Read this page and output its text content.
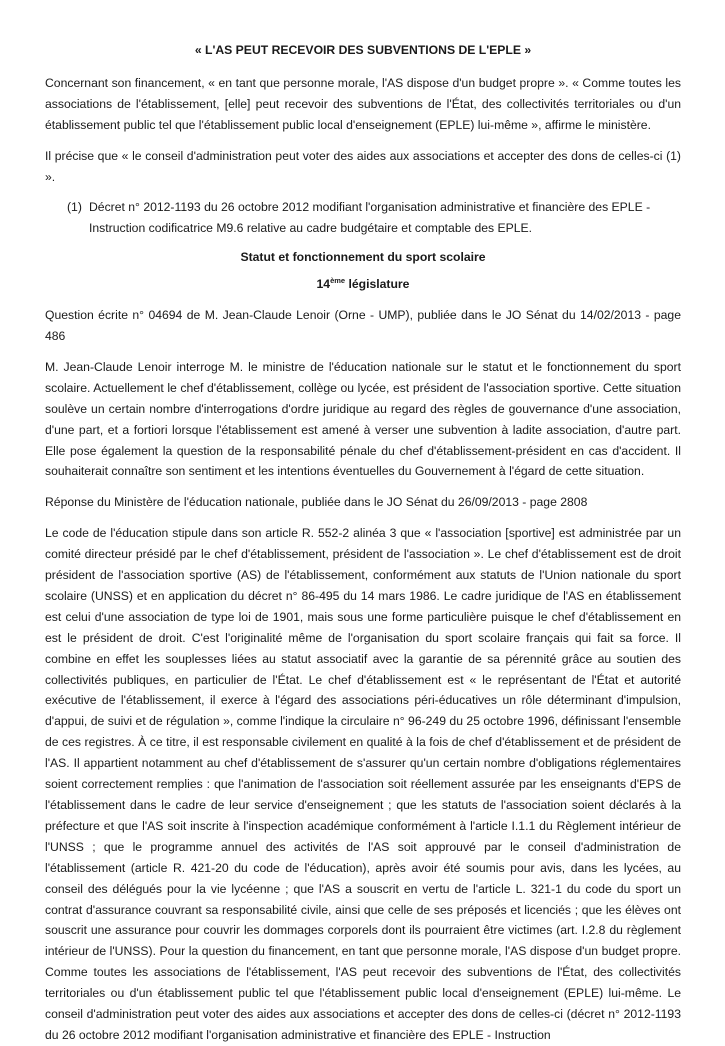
« L'AS PEUT RECEVOIR DES SUBVENTIONS DE L'EPLE »

Concernant son financement, « en tant que personne morale, l'AS dispose d'un budget propre ». « Comme toutes les associations de l'établissement, [elle] peut recevoir des subventions de l'État, des collectivités territoriales ou d'un établissement public tel que l'établissement public local d'enseignement (EPLE) lui-même », affirme le ministère.

Il précise que « le conseil d'administration peut voter des aides aux associations et accepter des dons de celles-ci (1) ».

(1) Décret n° 2012-1193 du 26 octobre 2012 modifiant l'organisation administrative et financière des EPLE - Instruction codificatrice M9.6 relative au cadre budgétaire et comptable des EPLE.

Statut et fonctionnement du sport scolaire

14ème législature

Question écrite n° 04694 de M. Jean-Claude Lenoir (Orne - UMP), publiée dans le JO Sénat du 14/02/2013 - page 486

M. Jean-Claude Lenoir interroge M. le ministre de l'éducation nationale sur le statut et le fonctionnement du sport scolaire. Actuellement le chef d'établissement, collège ou lycée, est président de l'association sportive. Cette situation soulève un certain nombre d'interrogations d'ordre juridique au regard des règles de gouvernance d'une association, d'une part, et a fortiori lorsque l'établissement est amené à verser une subvention à ladite association, d'autre part. Elle pose également la question de la responsabilité pénale du chef d'établissement-président en cas d'accident. Il souhaiterait connaître son sentiment et les intentions éventuelles du Gouvernement à l'égard de cette situation.

Réponse du Ministère de l'éducation nationale, publiée dans le JO Sénat du 26/09/2013 - page 2808

Le code de l'éducation stipule dans son article R. 552-2 alinéa 3 que « l'association [sportive] est administrée par un comité directeur présidé par le chef d'établissement, président de l'association ». Le chef d'établissement est de droit président de l'association sportive (AS) de l'établissement, conformément aux statuts de l'Union nationale du sport scolaire (UNSS) et en application du décret n° 86-495 du 14 mars 1986. Le cadre juridique de l'AS en établissement est celui d'une association de type loi de 1901, mais sous une forme particulière puisque le chef d'établissement en est le président de droit. C'est l'originalité même de l'organisation du sport scolaire français qui fait sa force. Il combine en effet les souplesses liées au statut associatif avec la garantie de sa pérennité grâce au soutien des collectivités publiques, en particulier de l'État. Le chef d'établissement est « le représentant de l'État et autorité exécutive de l'établissement, il exerce à l'égard des associations péri-éducatives un rôle déterminant d'impulsion, d'appui, de suivi et de régulation », comme l'indique la circulaire n° 96-249 du 25 octobre 1996, définissant l'ensemble de ces registres. À ce titre, il est responsable civilement en qualité à la fois de chef d'établissement et de président de l'AS. Il appartient notamment au chef d'établissement de s'assurer qu'un certain nombre d'obligations réglementaires soient correctement remplies : que l'animation de l'association soit réellement assurée par les enseignants d'EPS de l'établissement dans le cadre de leur service d'enseignement ; que les statuts de l'association soient déclarés à la préfecture et que l'AS soit inscrite à l'inspection académique conformément à l'article I.1.1 du Règlement intérieur de l'UNSS ; que le programme annuel des activités de l'AS soit approuvé par le conseil d'administration de l'établissement (article R. 421-20 du code de l'éducation), après avoir été soumis pour avis, dans les lycées, au conseil des délégués pour la vie lycéenne ; que l'AS a souscrit en vertu de l'article L. 321-1 du code du sport un contrat d'assurance couvrant sa responsabilité civile, ainsi que celle de ses préposés et licenciés ; que les élèves ont souscrit une assurance pour couvrir les dommages corporels dont ils pourraient être victimes (art. I.2.8 du règlement intérieur de l'UNSS). Pour la question du financement, en tant que personne morale, l'AS dispose d'un budget propre. Comme toutes les associations de l'établissement, l'AS peut recevoir des subventions de l'État, des collectivités territoriales ou d'un établissement public tel que l'établissement public local d'enseignement (EPLE) lui-même. Le conseil d'administration peut voter des aides aux associations et accepter des dons de celles-ci (décret n° 2012-1193 du 26 octobre 2012 modifiant l'organisation administrative et financière des EPLE - Instruction
